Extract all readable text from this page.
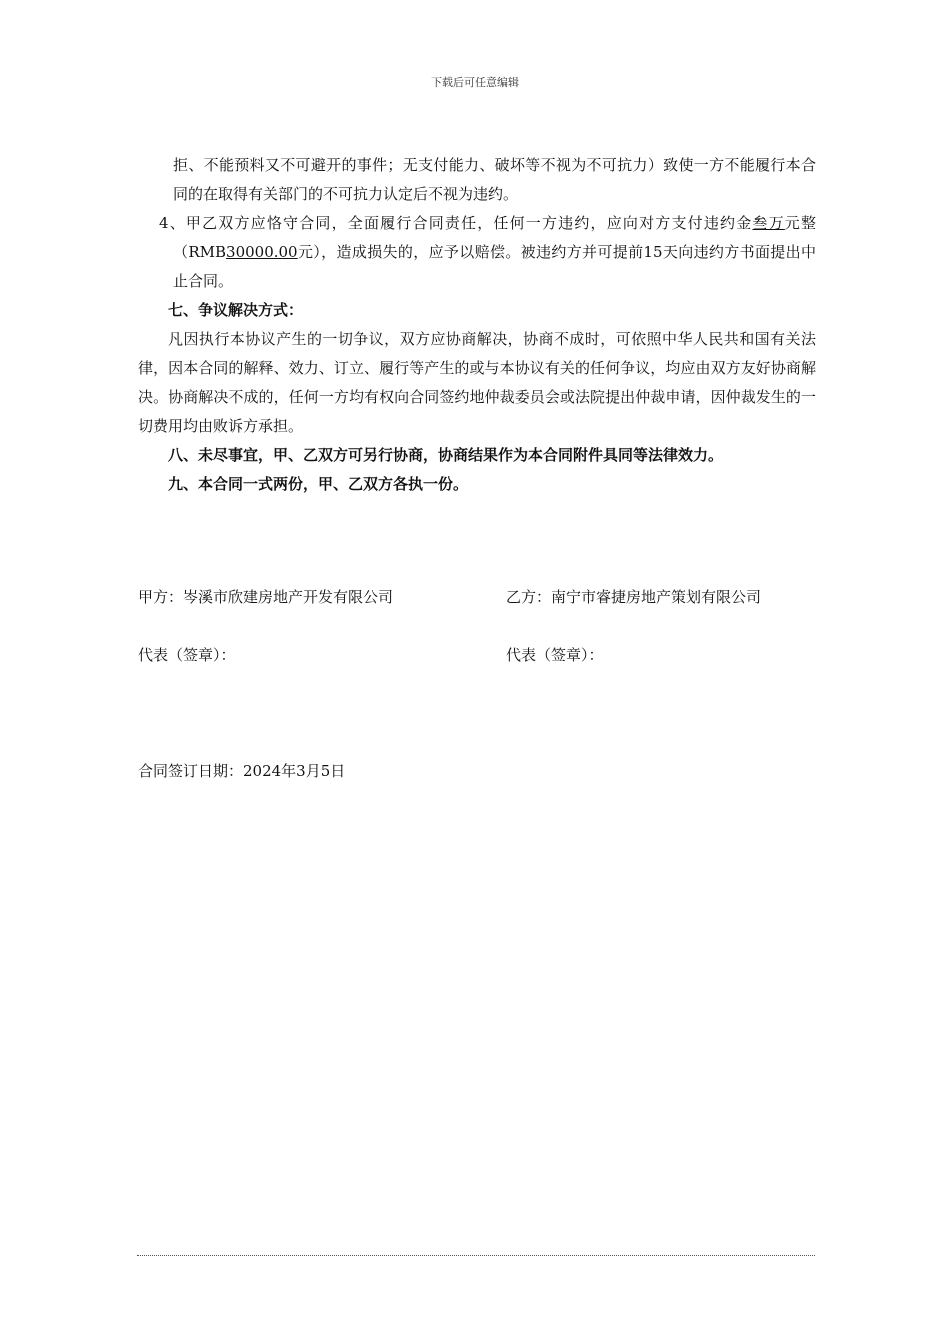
下载后可任意编辑
拒、不能预料又不可避开的事件；无支付能力、破坏等不视为不可抗力）致使一方不能履行本合同的在取得有关部门的不可抗力认定后不视为违约。
4、甲乙双方应恪守合同，全面履行合同责任，任何一方违约，应向对方支付违约金叁万元整（RMB30000.00元），造成损失的，应予以赔偿。被违约方并可提前15天向违约方书面提出中止合同。
七、争议解决方式：
凡因执行本协议产生的一切争议，双方应协商解决，协商不成时，可依照中华人民共和国有关法律，因本合同的解释、效力、订立、履行等产生的或与本协议有关的任何争议，均应由双方友好协商解决。协商解决不成的，任何一方均有权向合同签约地仲裁委员会或法院提出仲裁申请，因仲裁发生的一切费用均由败诉方承担。
八、未尽事宜，甲、乙双方可另行协商，协商结果作为本合同附件具同等法律效力。
九、本合同一式两份，甲、乙双方各执一份。
甲方：岑溪市欣建房地产开发有限公司	乙方：南宁市睿捷房地产策划有限公司
代表（签章）：	代表（签章）：
合同签订日期：2024年3月5日
